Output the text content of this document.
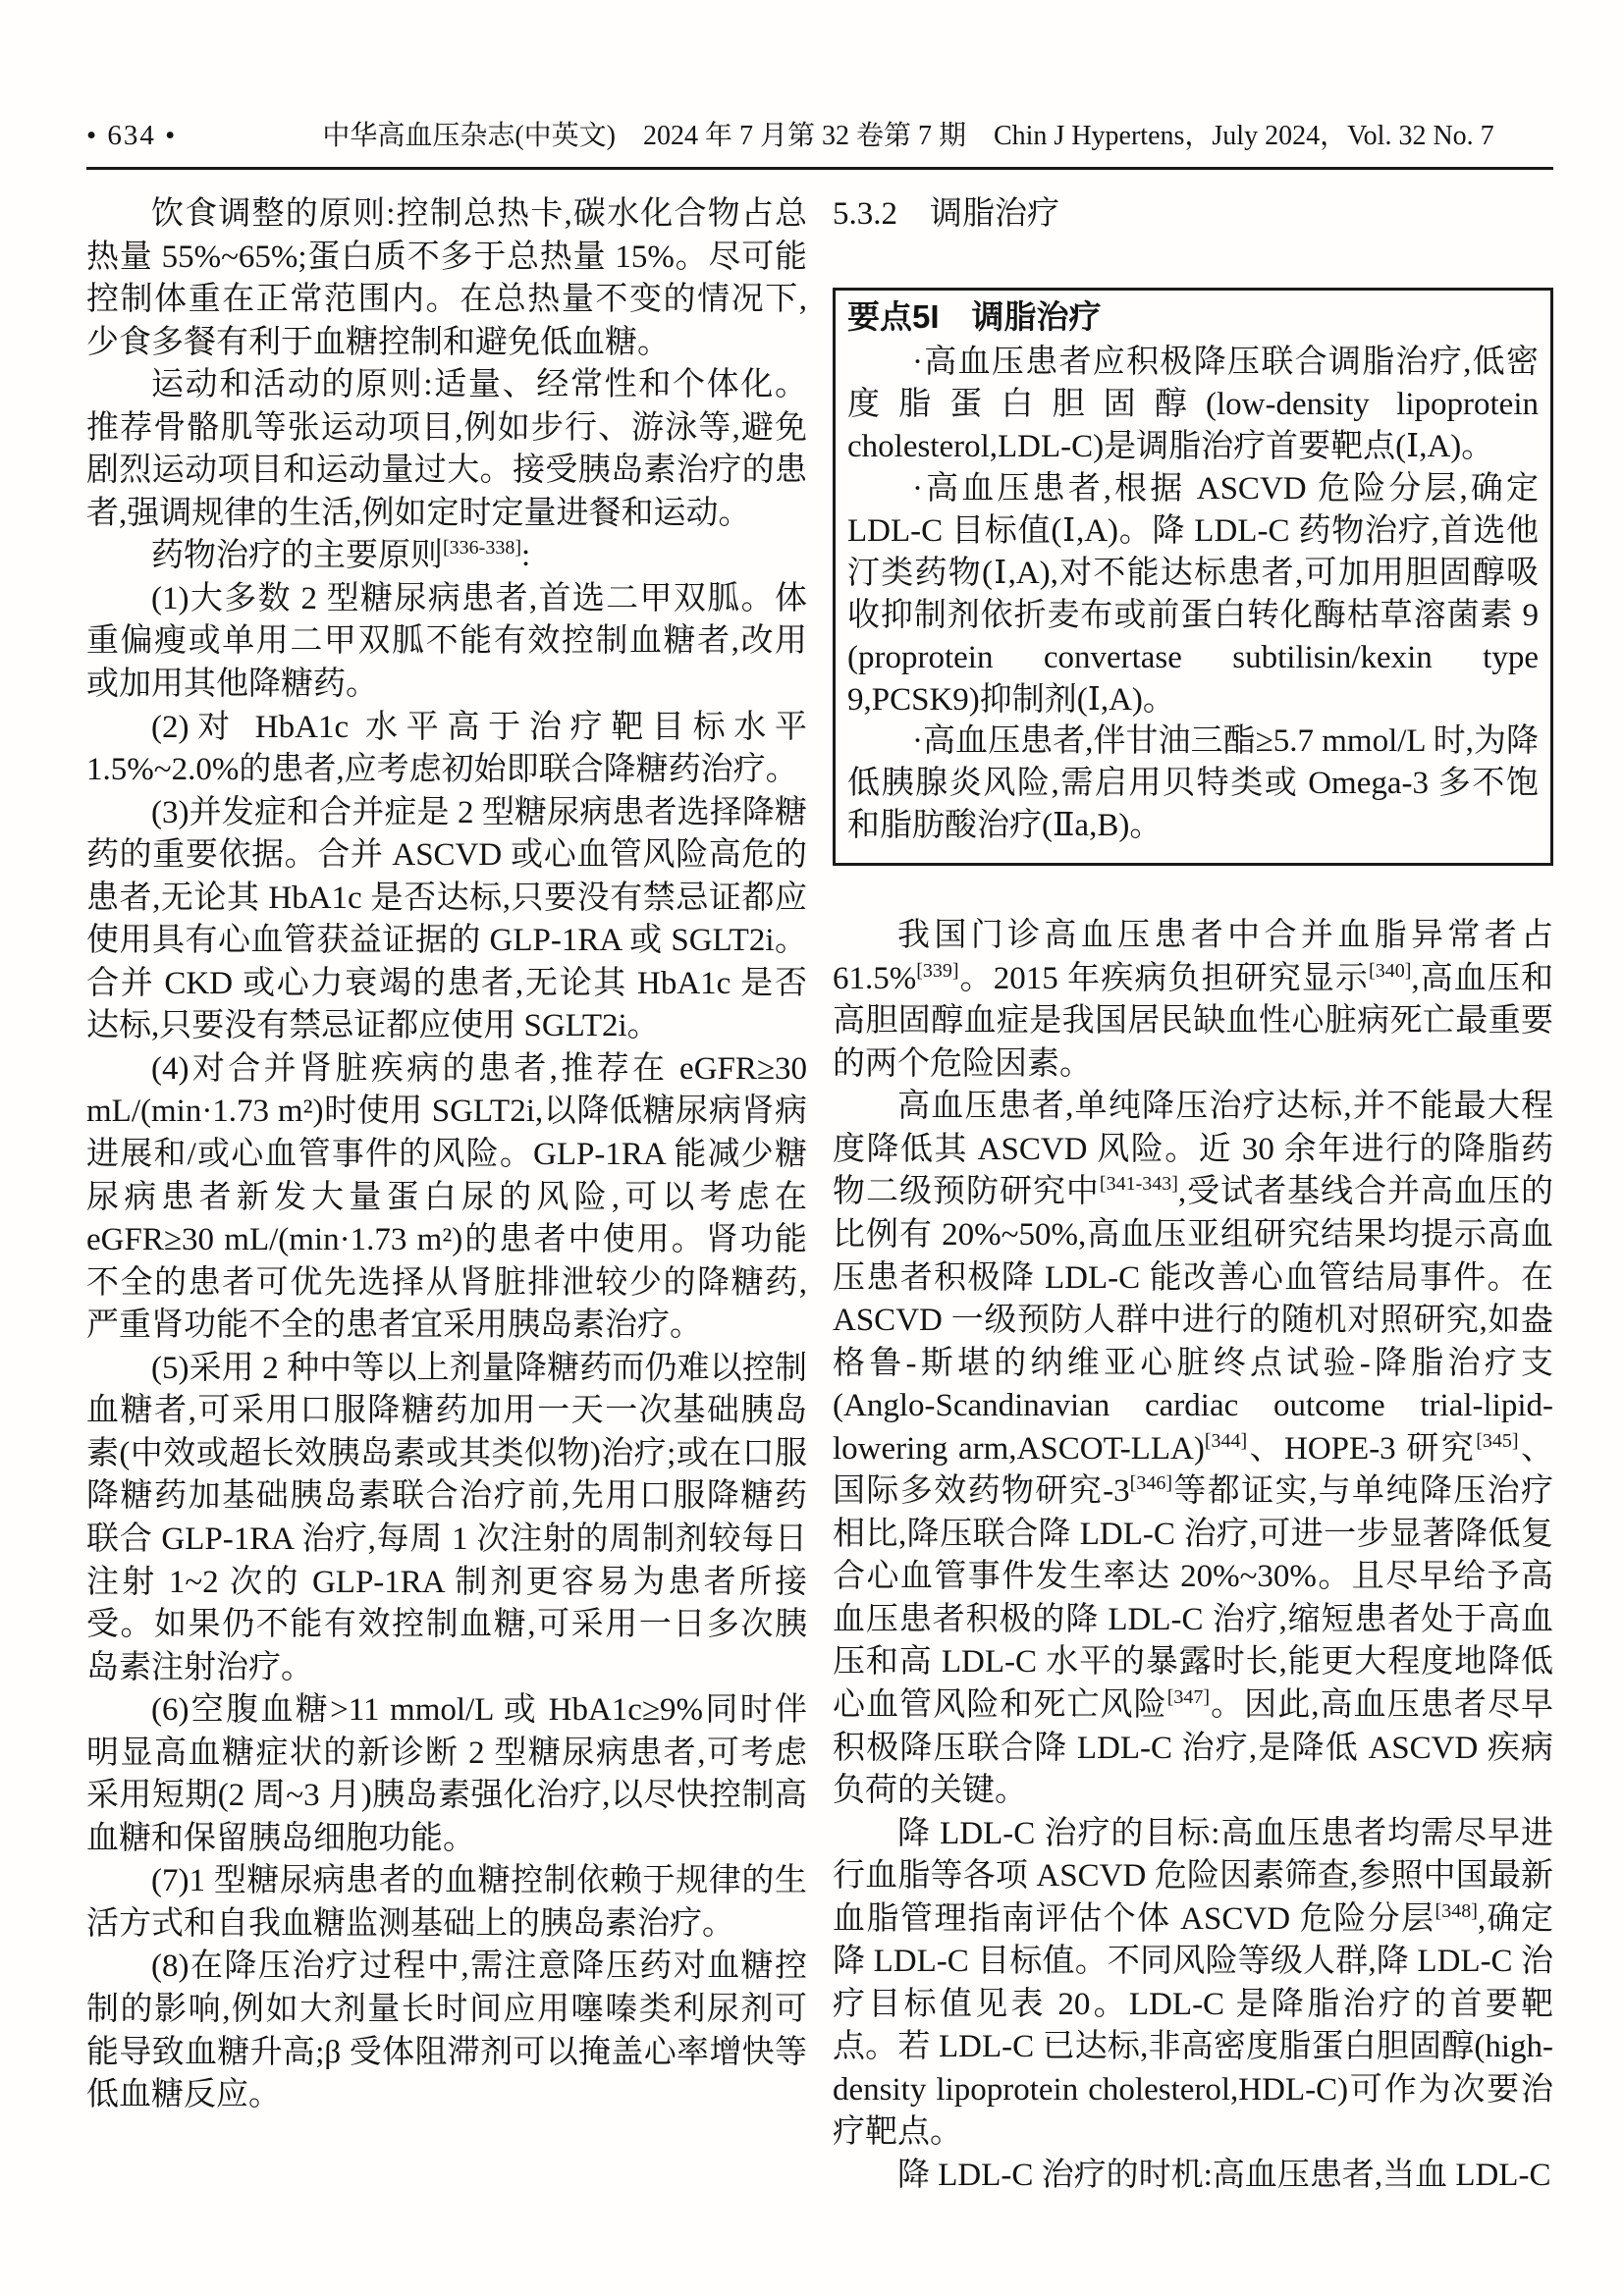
• 634 •	中华高血压杂志(中英文)　2024 年 7 月第 32 卷第 7 期　Chin J Hypertens，July 2024，Vol. 32 No. 7

饮食调整的原则:控制总热卡,碳水化合物占总热量 55%~65%;蛋白质不多于总热量 15%。尽可能控制体重在正常范围内。在总热量不变的情况下,少食多餐有利于血糖控制和避免低血糖。

运动和活动的原则:适量、经常性和个体化。推荐骨骼肌等张运动项目,例如步行、游泳等,避免剧烈运动项目和运动量过大。接受胰岛素治疗的患者,强调规律的生活,例如定时定量进餐和运动。

药物治疗的主要原则[336-338]:

(1)大多数 2 型糖尿病患者,首选二甲双胍。体重偏瘦或单用二甲双胍不能有效控制血糖者,改用或加用其他降糖药。

(2)对 HbA1c 水平高于治疗靶目标水平 1.5%~2.0%的患者,应考虑初始即联合降糖药治疗。

(3)并发症和合并症是 2 型糖尿病患者选择降糖药的重要依据。合并 ASCVD 或心血管风险高危的患者,无论其 HbA1c 是否达标,只要没有禁忌证都应使用具有心血管获益证据的 GLP-1RA 或 SGLT2i。合并 CKD 或心力衰竭的患者,无论其 HbA1c 是否达标,只要没有禁忌证都应使用 SGLT2i。

(4)对合并肾脏疾病的患者,推荐在 eGFR≥30 mL/(min·1.73 m²)时使用 SGLT2i,以降低糖尿病肾病进展和/或心血管事件的风险。GLP-1RA 能减少糖尿病患者新发大量蛋白尿的风险,可以考虑在 eGFR≥30 mL/(min·1.73 m²)的患者中使用。肾功能不全的患者可优先选择从肾脏排泄较少的降糖药,严重肾功能不全的患者宜采用胰岛素治疗。

(5)采用 2 种中等以上剂量降糖药而仍难以控制血糖者,可采用口服降糖药加用一天一次基础胰岛素(中效或超长效胰岛素或其类似物)治疗;或在口服降糖药加基础胰岛素联合治疗前,先用口服降糖药联合 GLP-1RA 治疗,每周 1 次注射的周制剂较每日注射 1~2 次的 GLP-1RA 制剂更容易为患者所接受。如果仍不能有效控制血糖,可采用一日多次胰岛素注射治疗。

(6)空腹血糖>11 mmol/L 或 HbA1c≥9%同时伴明显高血糖症状的新诊断 2 型糖尿病患者,可考虑采用短期(2 周~3 月)胰岛素强化治疗,以尽快控制高血糖和保留胰岛细胞功能。

(7)1 型糖尿病患者的血糖控制依赖于规律的生活方式和自我血糖监测基础上的胰岛素治疗。

(8)在降压治疗过程中,需注意降压药对血糖控制的影响,例如大剂量长时间应用噻嗪类利尿剂可能导致血糖升高;β 受体阻滞剂可以掩盖心率增快等低血糖反应。

5.3.2　调脂治疗

要点5I　调脂治疗

·高血压患者应积极降压联合调脂治疗,低密度脂蛋白胆固醇(low-density lipoprotein cholesterol,LDL-C)是调脂治疗首要靶点(Ⅰ,A)。

·高血压患者,根据 ASCVD 危险分层,确定 LDL-C 目标值(Ⅰ,A)。降 LDL-C 药物治疗,首选他汀类药物(Ⅰ,A),对不能达标患者,可加用胆固醇吸收抑制剂依折麦布或前蛋白转化酶枯草溶菌素 9 (proprotein convertase subtilisin/kexin type 9,PCSK9)抑制剂(Ⅰ,A)。

·高血压患者,伴甘油三酯≥5.7 mmol/L 时,为降低胰腺炎风险,需启用贝特类或 Omega-3 多不饱和脂肪酸治疗(Ⅱa,B)。

我国门诊高血压患者中合并血脂异常者占 61.5%[339]。2015 年疾病负担研究显示[340],高血压和高胆固醇血症是我国居民缺血性心脏病死亡最重要的两个危险因素。

高血压患者,单纯降压治疗达标,并不能最大程度降低其 ASCVD 风险。近 30 余年进行的降脂药物二级预防研究中[341-343],受试者基线合并高血压的比例有 20%~50%,高血压亚组研究结果均提示高血压患者积极降 LDL-C 能改善心血管结局事件。在 ASCVD 一级预防人群中进行的随机对照研究,如盎格鲁-斯堪的纳维亚心脏终点试验-降脂治疗支(Anglo-Scandinavian cardiac outcome trial-lipid-lowering arm,ASCOT-LLA)[344]、HOPE-3 研究[345]、国际多效药物研究-3[346]等都证实,与单纯降压治疗相比,降压联合降 LDL-C 治疗,可进一步显著降低复合心血管事件发生率达 20%~30%。且尽早给予高血压患者积极的降 LDL-C 治疗,缩短患者处于高血压和高 LDL-C 水平的暴露时长,能更大程度地降低心血管风险和死亡风险[347]。因此,高血压患者尽早积极降压联合降 LDL-C 治疗,是降低 ASCVD 疾病负荷的关键。

降 LDL-C 治疗的目标:高血压患者均需尽早进行血脂等各项 ASCVD 危险因素筛查,参照中国最新血脂管理指南评估个体 ASCVD 危险分层[348],确定降 LDL-C 目标值。不同风险等级人群,降 LDL-C 治疗目标值见表 20。LDL-C 是降脂治疗的首要靶点。若 LDL-C 已达标,非高密度脂蛋白胆固醇(high-density lipoprotein cholesterol,HDL-C)可作为次要治疗靶点。

降 LDL-C 治疗的时机:高血压患者,当血 LDL-C
